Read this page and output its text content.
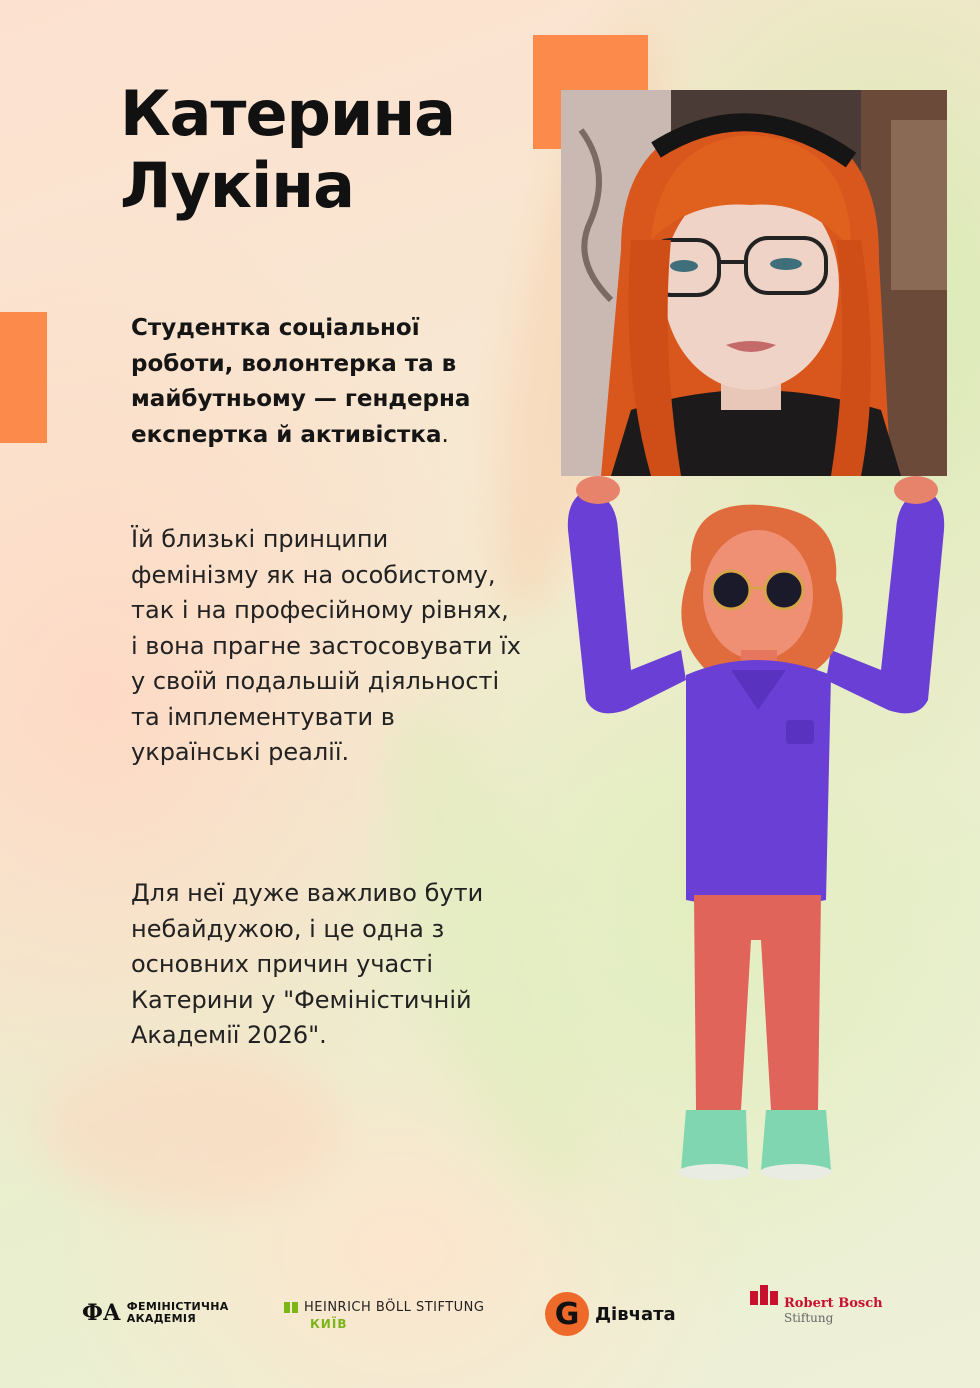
Катерина
Лукіна

Студентка соціальної роботи, волонтерка та в майбутньому — гендерна експертка й активістка.

Їй близькі принципи фемінізму як на особистому, так і на професійному рівнях, і вона прагне застосовувати їх у своїй подальшій діяльності та імплементувати в українські реалії.

Для неї дуже важливо бути небайдужою, і це одна з основних причин участі Катерини у "Феміністичній Академії 2026".

ФА ФЕМІНІСТИЧНА
АКАДЕМІЯ
HEINRICH BÖLL STIFTUNG
КИЇВ	G Дівчата	Robert Bosch
Stiftung
